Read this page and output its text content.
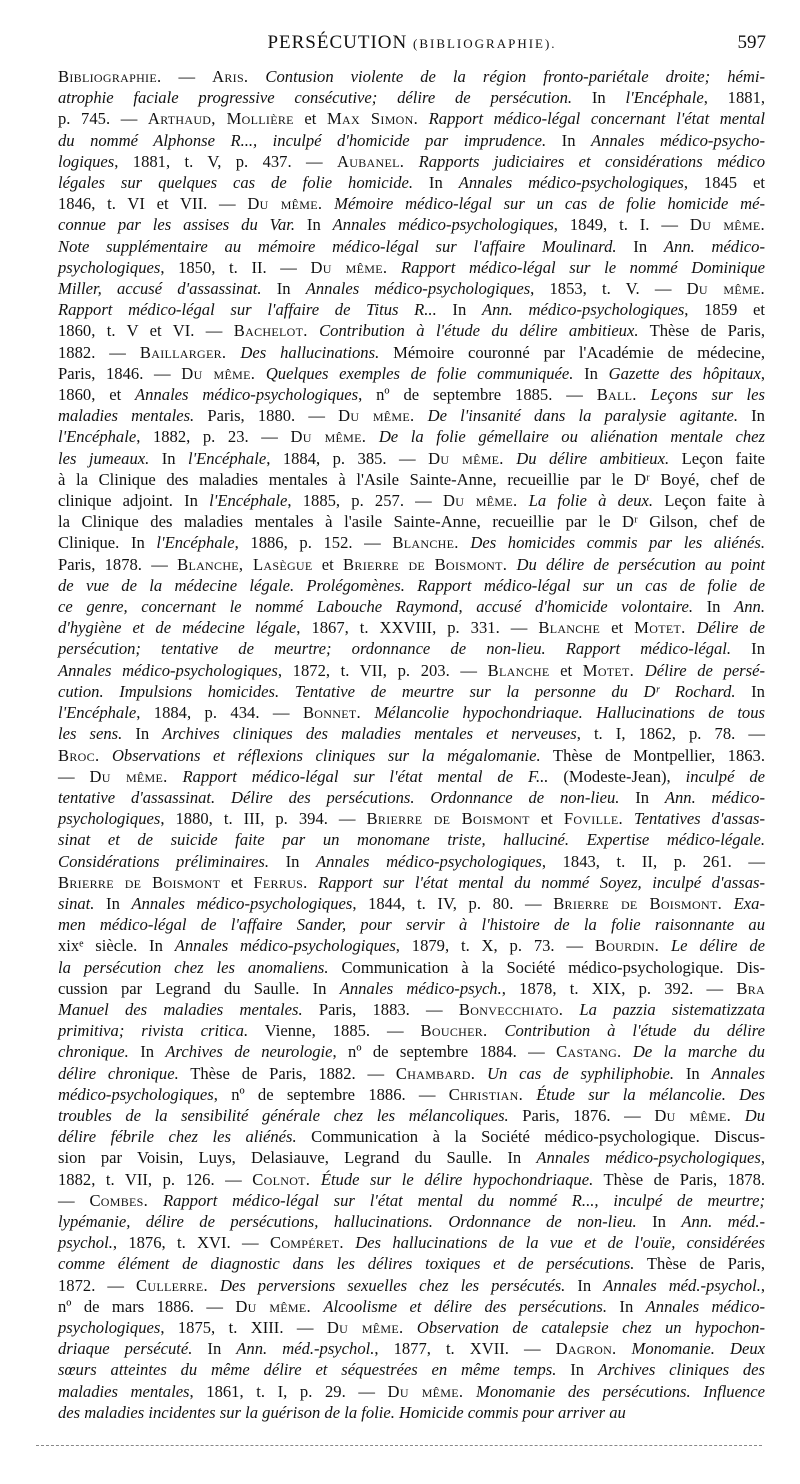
PERSÉCUTION (BIBLIOGRAPHIE).	597
Bibliographie. — Aris. Contusion violente de la région fronto-pariétale droite; hémi-
atrophie faciale progressive consécutive; délire de persécution. In l'Encéphale, 1881,
p. 745. — Arthaud, Mollière et Max Simon. Rapport médico-légal concernant l'état mental
du nommé Alphonse R..., inculpé d'homicide par imprudence. In Annales médico-psycho-
logiques, 1881, t. V, p. 437. — Aubanel. Rapports judiciaires et considérations médico
légales sur quelques cas de folie homicide. In Annales médico-psychologiques, 1845 et
1846, t. VI et VII. — Du même. Mémoire médico-légal sur un cas de folie homicide mé-
connue par les assises du Var. In Annales médico-psychologiques, 1849, t. I. — Du même.
Note supplémentaire au mémoire médico-légal sur l'affaire Moulinard. In Ann. médico-
psychologiques, 1850, t. II. — Du même. Rapport médico-légal sur le nommé Dominique
Miller, accusé d'assassinat. In Annales médico-psychologiques, 1853, t. V. — Du même.
Rapport médico-légal sur l'affaire de Titus R... In Ann. médico-psychologiques, 1859 et
1860, t. V et VI. — Bachelot. Contribution à l'étude du délire ambitieux. Thèse de Paris,
1882. — Baillarger. Des hallucinations. Mémoire couronné par l'Académie de médecine,
Paris, 1846. — Du même. Quelques exemples de folie communiquée. In Gazette des hôpitaux,
1860, et Annales médico-psychologiques, nº de septembre 1885. — Ball. Leçons sur les
maladies mentales. Paris, 1880. — Du même. De l'insanité dans la paralysie agitante. In
l'Encéphale, 1882, p. 23. — Du même. De la folie gémellaire ou aliénation mentale chez
les jumeaux. In l'Encéphale, 1884, p. 385. — Du même. Du délire ambitieux. Leçon faite
à la Clinique des maladies mentales à l'Asile Sainte-Anne, recueillie par le Dʳ Boyé, chef de
clinique adjoint. In l'Encéphale, 1885, p. 257. — Du même. La folie à deux. Leçon faite à
la Clinique des maladies mentales à l'asile Sainte-Anne, recueillie par le Dʳ Gilson, chef de
Clinique. In l'Encéphale, 1886, p. 152. — Blanche. Des homicides commis par les aliénés.
Paris, 1878. — Blanche, Lasègue et Brierre de Boismont. Du délire de persécution au point
de vue de la médecine légale. Prolégomènes. Rapport médico-légal sur un cas de folie de
ce genre, concernant le nommé Labouche Raymond, accusé d'homicide volontaire. In Ann.
d'hygiène et de médecine légale, 1867, t. XXVIII, p. 331. — Blanche et Motet. Délire de
persécution; tentative de meurtre; ordonnance de non-lieu. Rapport médico-légal. In
Annales médico-psychologiques, 1872, t. VII, p. 203. — Blanche et Motet. Délire de persé-
cution. Impulsions homicides. Tentative de meurtre sur la personne du Dʳ Rochard. In
l'Encéphale, 1884, p. 434. — Bonnet. Mélancolie hypochondriaque. Hallucinations de tous
les sens. In Archives cliniques des maladies mentales et nerveuses, t. I, 1862, p. 78. —
Broc. Observations et réflexions cliniques sur la mégalomanie. Thèse de Montpellier, 1863.
— Du même. Rapport médico-légal sur l'état mental de F... (Modeste-Jean), inculpé de
tentative d'assassinat. Délire des persécutions. Ordonnance de non-lieu. In Ann. médico-
psychologiques, 1880, t. III, p. 394. — Brierre de Boismont et Foville. Tentatives d'assas-
sinat et de suicide faite par un monomane triste, halluciné. Expertise médico-légale.
Considérations préliminaires. In Annales médico-psychologiques, 1843, t. II, p. 261. —
Brierre de Boismont et Ferrus. Rapport sur l'état mental du nommé Soyez, inculpé d'assas-
sinat. In Annales médico-psychologiques, 1844, t. IV, p. 80. — Brierre de Boismont. Exa-
men médico-légal de l'affaire Sander, pour servir à l'histoire de la folie raisonnante au
xixᵉ siècle. In Annales médico-psychologiques, 1879, t. X, p. 73. — Bourdin. Le délire de
la persécution chez les anomaliens. Communication à la Société médico-psychologique. Dis-
cussion par Legrand du Saulle. In Annales médico-psych., 1878, t. XIX, p. 392. — Bra
Manuel des maladies mentales. Paris, 1883. — Bonvecchiato. La pazzia sistematizzata
primitiva; rivista critica. Vienne, 1885. — Boucher. Contribution à l'étude du délire
chronique. In Archives de neurologie, nº de septembre 1884. — Castang. De la marche du
délire chronique. Thèse de Paris, 1882. — Chambard. Un cas de syphiliphobie. In Annales
médico-psychologiques, nº de septembre 1886. — Christian. Étude sur la mélancolie. Des
troubles de la sensibilité générale chez les mélancoliques. Paris, 1876. — Du même. Du
délire fébrile chez les aliénés. Communication à la Société médico-psychologique. Discus-
sion par Voisin, Luys, Delasiauve, Legrand du Saulle. In Annales médico-psychologiques,
1882, t. VII, p. 126. — Colnot. Étude sur le délire hypochondriaque. Thèse de Paris, 1878.
— Combes. Rapport médico-légal sur l'état mental du nommé R..., inculpé de meurtre;
lypémanie, délire de persécutions, hallucinations. Ordonnance de non-lieu. In Ann. méd.-
psychol., 1876, t. XVI. — Compéret. Des hallucinations de la vue et de l'ouïe, considérées
comme élément de diagnostic dans les délires toxiques et de persécutions. Thèse de Paris,
1872. — Cullerre. Des perversions sexuelles chez les persécutés. In Annales méd.-psychol.,
nº de mars 1886. — Du même. Alcoolisme et délire des persécutions. In Annales médico-
psychologiques, 1875, t. XIII. — Du même. Observation de catalepsie chez un hypochon-
driaque persécuté. In Ann. méd.-psychol., 1877, t. XVII. — Dagron. Monomanie. Deux
sœurs atteintes du même délire et séquestrées en même temps. In Archives cliniques des
maladies mentales, 1861, t. I, p. 29. — Du même. Monomanie des persécutions. Influence
des maladies incidentes sur la guérison de la folie. Homicide commis pour arriver au
